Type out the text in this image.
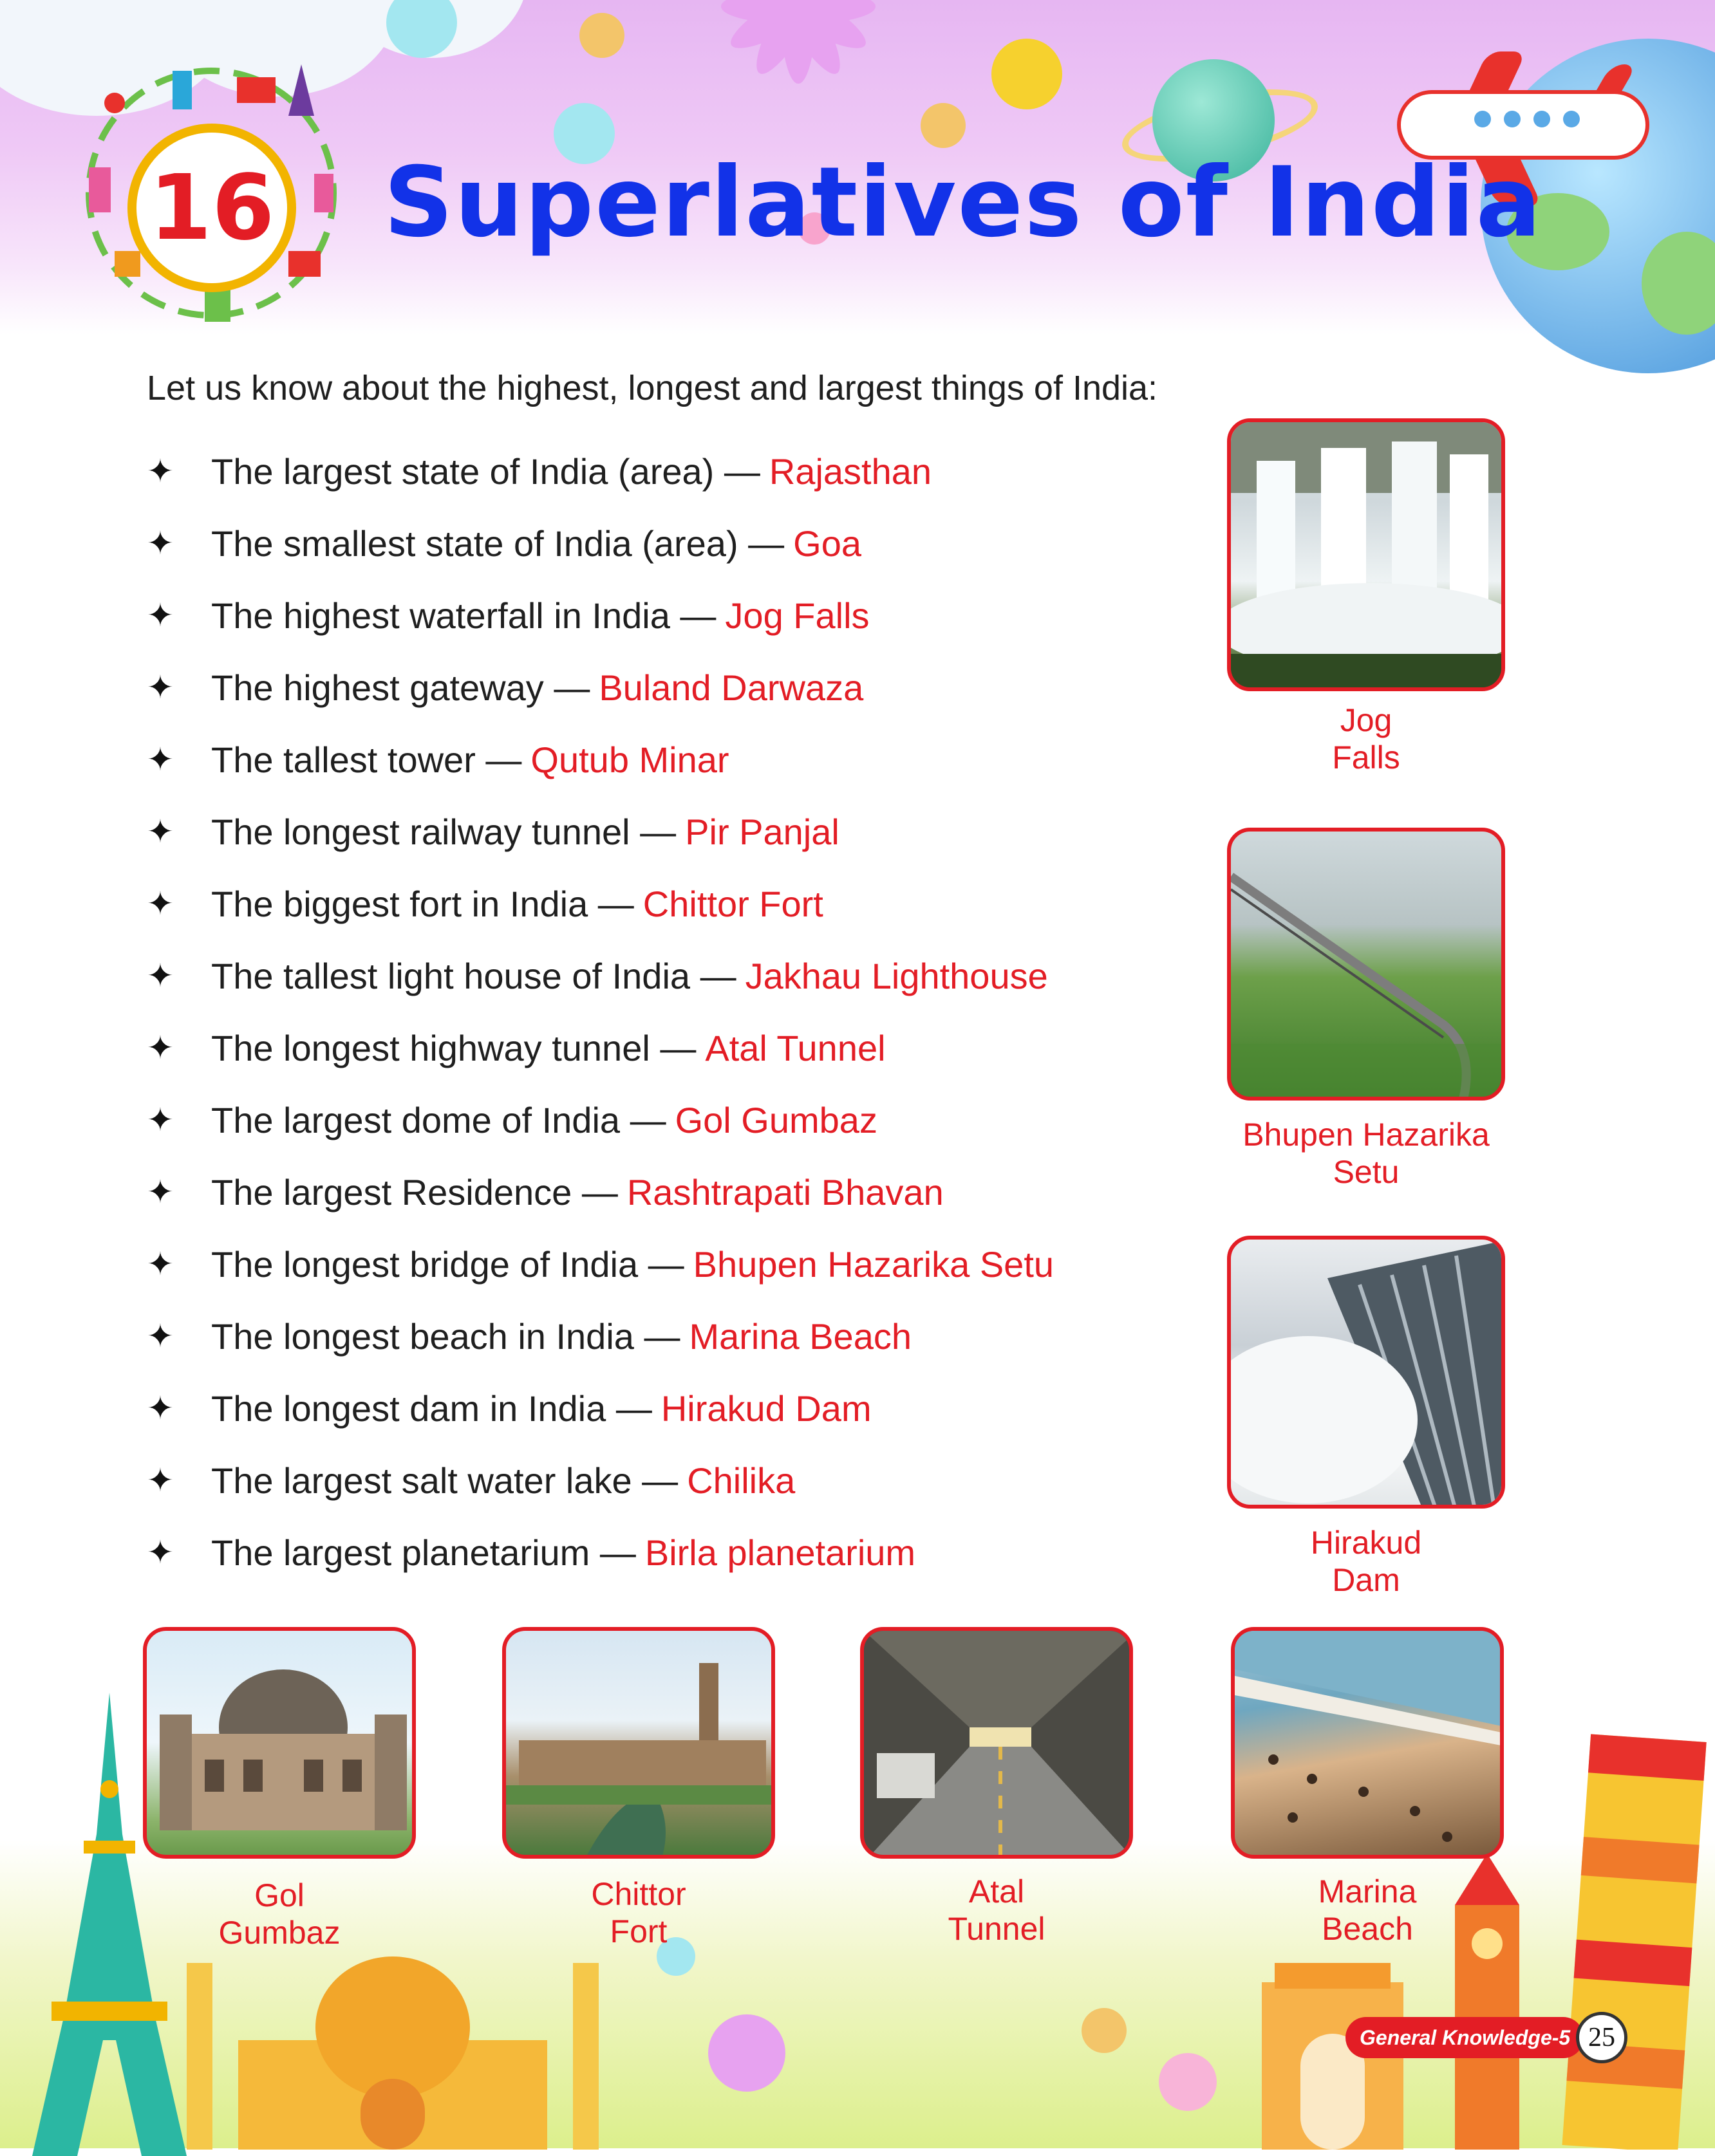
16 Superlatives of India
Let us know about the highest, longest and largest things of India:
✦	The largest state of India (area) — Rajasthan
✦	The smallest state of India (area) — Goa
✦	The highest waterfall in India — Jog Falls
✦	The highest gateway — Buland Darwaza
✦	The tallest tower — Qutub Minar
✦	The longest railway tunnel — Pir Panjal
✦	The biggest fort in India — Chittor Fort
✦	The tallest light house of India — Jakhau Lighthouse
✦	The longest highway tunnel — Atal Tunnel
✦	The largest dome of India — Gol Gumbaz
✦	The largest Residence — Rashtrapati Bhavan
✦	The longest bridge of India — Bhupen Hazarika Setu
✦	The longest beach in India — Marina Beach
✦	The longest dam in India — Hirakud Dam
✦	The largest salt water lake — Chilika
✦	The largest planetarium — Birla planetarium
Jog
Falls
Bhupen Hazarika
Setu
Hirakud
Dam
Gol
Gumbaz
Chittor
Fort
Atal
Tunnel
Marina
Beach
General Knowledge-5 25
